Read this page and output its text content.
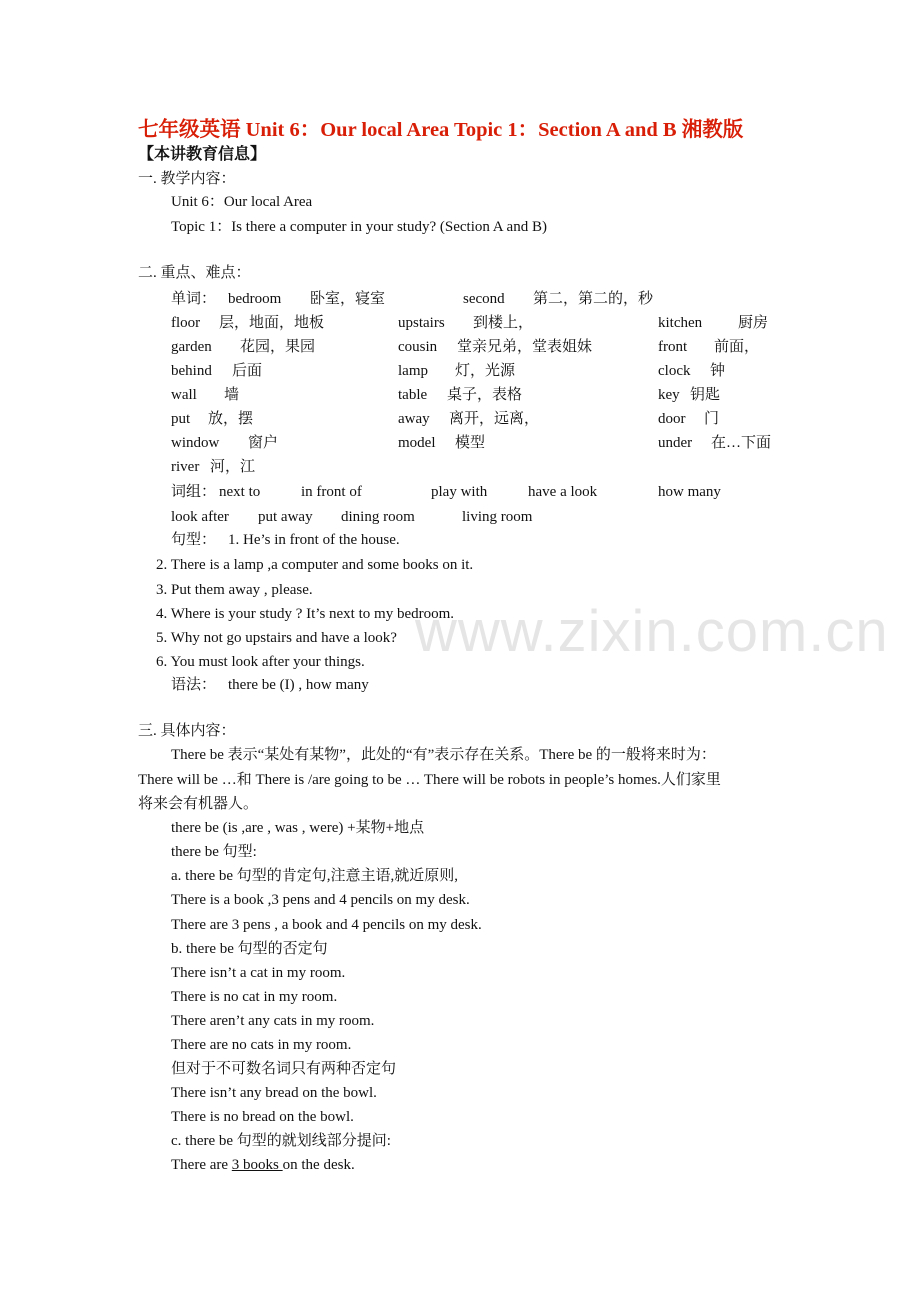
七年级英语 Unit 6：Our local Area Topic 1：Section A and B 湘教版
【本讲教育信息】
一. 教学内容：
Unit 6：Our local Area
Topic 1：Is there a computer in your study? (Section A and B)
二. 重点、难点：
单词： bedroom 卧室，寝室	second 第二，第二的，秒
floor 层，地面，地板	upstairs 到楼上，	kitchen 厨房
garden 花园，果园	cousin 堂亲兄弟，堂表姐妹	front 前面，
behind 后面	lamp 灯，光源	clock 钟
wall 墙	table 桌子，表格	key 钥匙
put 放，摆	away 离开，远离，	door 门
window 窗户	model 模型	under 在…下面
river 河，江
词组： next to	in front of	play with	have a look	how many
look after put away dining room	living room
句型： 1. He’s in front of the house.
2. There is a lamp ,a computer and some books on it.
3. Put them away , please.
4. Where is your study ? It’s next to my bedroom.
5. Why not go upstairs and have a look?
6. You must look after your things.
语法： there be (I) , how many
三. 具体内容：
There be 表示“某处有某物”，此处的“有”表示存在关系。There be 的一般将来时为：
There will be …和 There is /are going to be … There will be robots in people’s homes.人们家里
将来会有机器人。
there be (is ,are , was , were) +某物+地点
there be 句型:
a. there be 句型的肯定句,注意主语,就近原则,
There is a book ,3 pens and 4 pencils on my desk.
There are 3 pens , a book and 4 pencils on my desk.
b. there be 句型的否定句
There isn’t a cat in my room.
There is no cat in my room.
There aren’t any cats in my room.
There are no cats in my room.
但对于不可数名词只有两种否定句
There isn’t any bread on the bowl.
There is no bread on the bowl.
c. there be 句型的就划线部分提问:
There are 3 books on the desk.
www.zixin.com.cn
